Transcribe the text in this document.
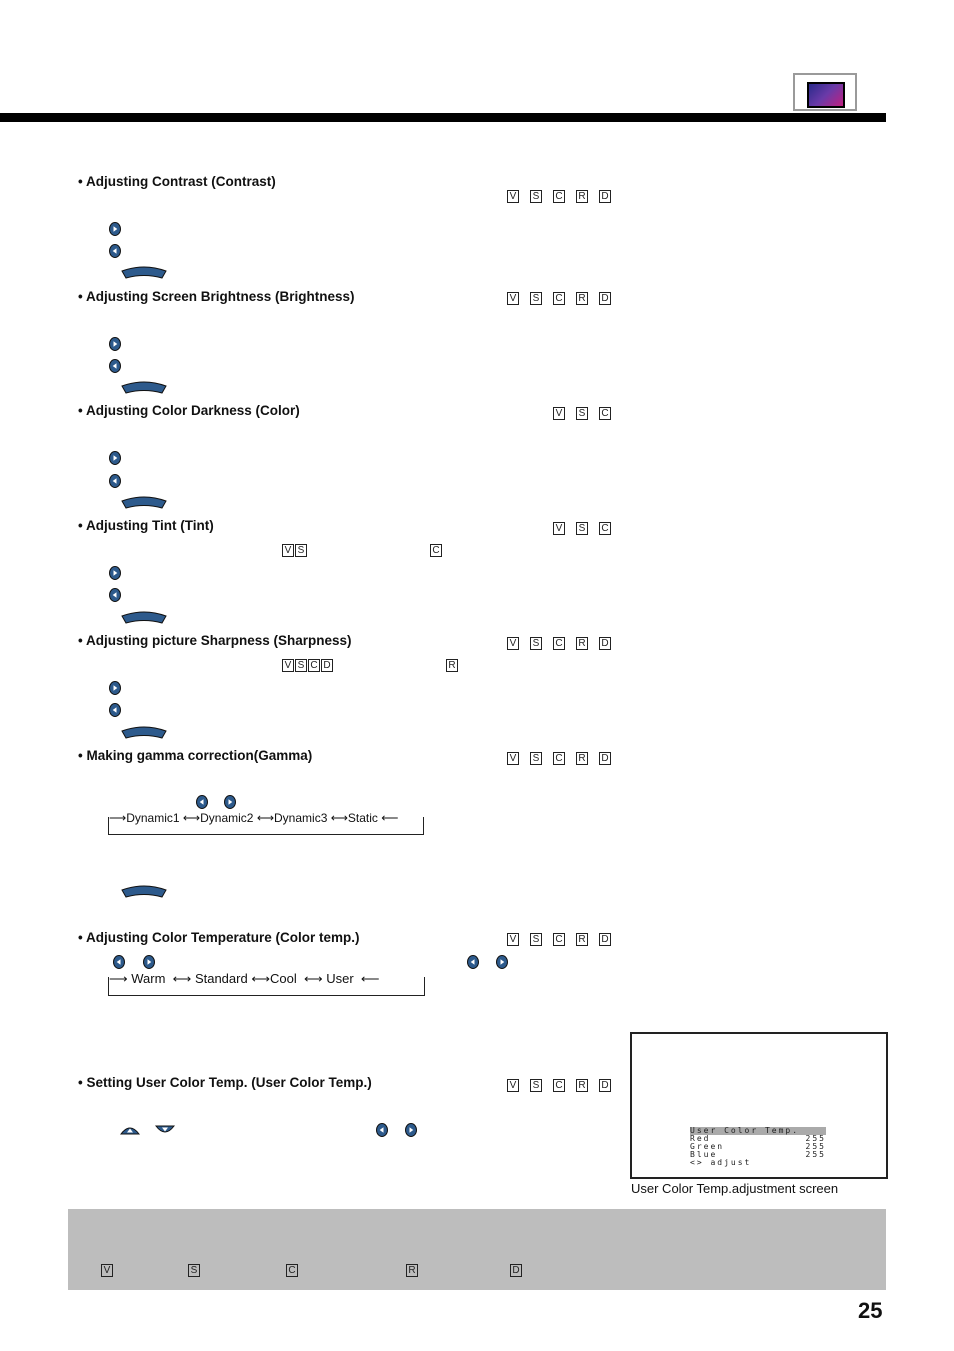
• Adjusting Contrast (Contrast)
V S C R D
• Adjusting Screen Brightness (Brightness)	V S C R D
• Adjusting Color Darkness (Color)	V S C
• Adjusting Tint (Tint)	V S C
V S	C
• Adjusting picture Sharpness (Sharpness)	V S C R D
V S C D	R
• Making gamma correction(Gamma)	V S C R D
⟶Dynamic1 ⟷Dynamic2 ⟷Dynamic3 ⟷Static ⟵
• Adjusting Color Temperature (Color temp.)	V S C R D
⟶ Warm  ⟷ Standard ⟷Cool  ⟷ User  ⟵
• Setting User Color Temp. (User Color Temp.)	V S C R D
User Color Temp.
Red	255
Green	255
Blue	255
<> adjust
User Color Temp.adjustment screen
V	S	C	R	D
25
